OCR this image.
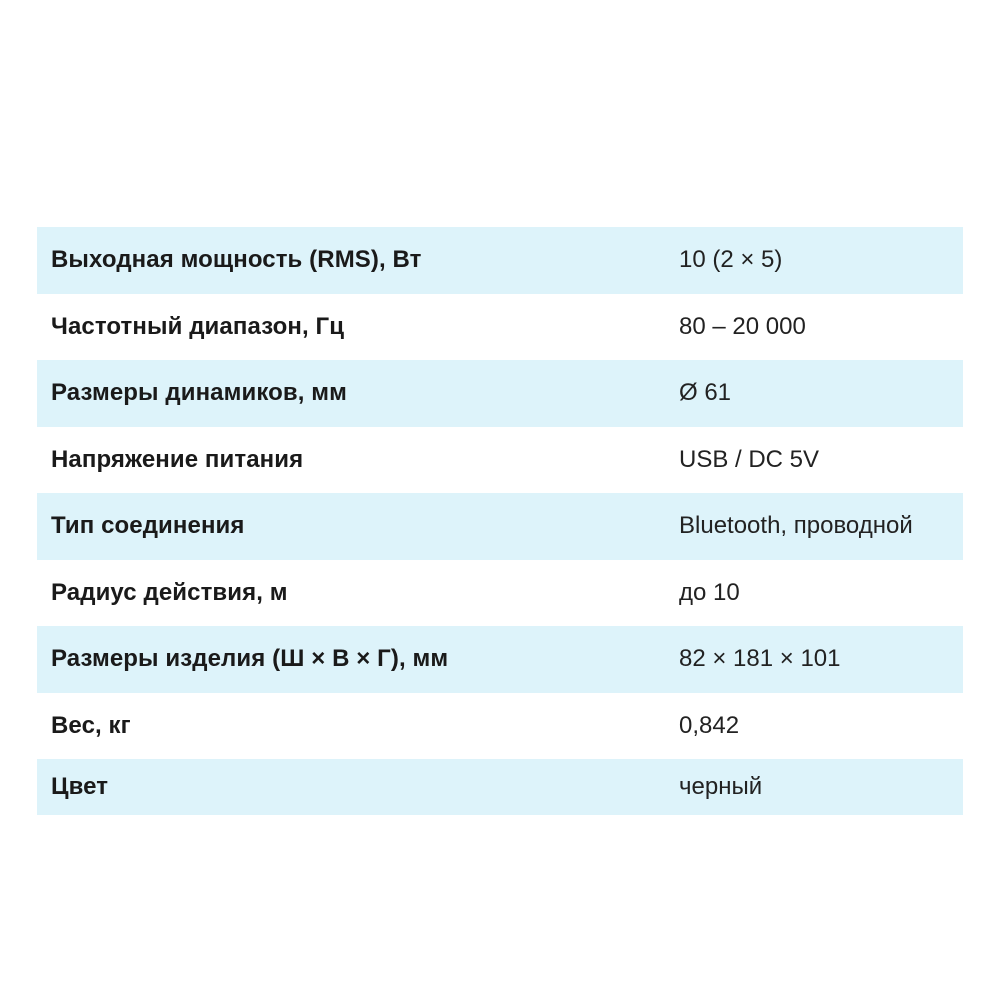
Выходная мощность (RMS), Вт	10 (2 × 5)
Частотный диапазон, Гц	80 – 20 000
Размеры динамиков, мм	Ø 61
Напряжение питания	USB / DC 5V
Тип соединения	Bluetooth, проводной
Радиус действия, м	до 10
Размеры изделия (Ш × В × Г), мм	82 × 181 × 101
Вес, кг	0,842
Цвет	черный
